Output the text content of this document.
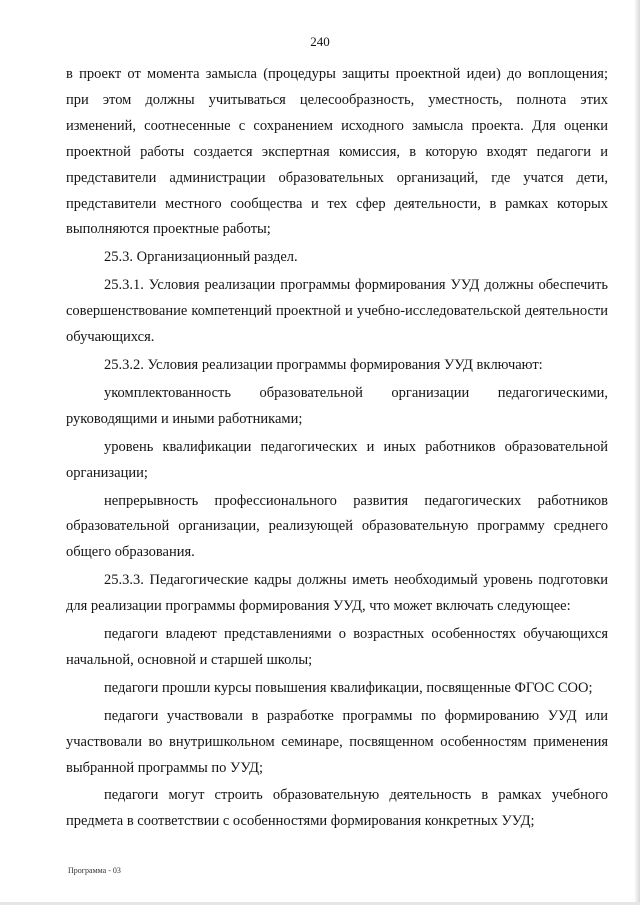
240

в проект от момента замысла (процедуры защиты проектной идеи) до воплощения; при этом должны учитываться целесообразность, уместность, полнота этих изменений, соотнесенные с сохранением исходного замысла проекта. Для оценки проектной работы создается экспертная комиссия, в которую входят педагоги и представители администрации образовательных организаций, где учатся дети, представители местного сообщества и тех сфер деятельности, в рамках которых выполняются проектные работы;

25.3. Организационный раздел.

25.3.1. Условия реализации программы формирования УУД должны обеспечить совершенствование компетенций проектной и учебно-исследовательской деятельности обучающихся.

25.3.2. Условия реализации программы формирования УУД включают:

укомплектованность образовательной организации педагогическими, руководящими и иными работниками;

уровень квалификации педагогических и иных работников образовательной организации;

непрерывность профессионального развития педагогических работников образовательной организации, реализующей образовательную программу среднего общего образования.

25.3.3. Педагогические кадры должны иметь необходимый уровень подготовки для реализации программы формирования УУД, что может включать следующее:

педагоги владеют представлениями о возрастных особенностях обучающихся начальной, основной и старшей школы;

педагоги прошли курсы повышения квалификации, посвященные ФГОС СОО;

педагоги участвовали в разработке программы по формированию УУД или участвовали во внутришкольном семинаре, посвященном особенностям применения выбранной программы по УУД;

педагоги могут строить образовательную деятельность в рамках учебного предмета в соответствии с особенностями формирования конкретных УУД;

Программа - 03
